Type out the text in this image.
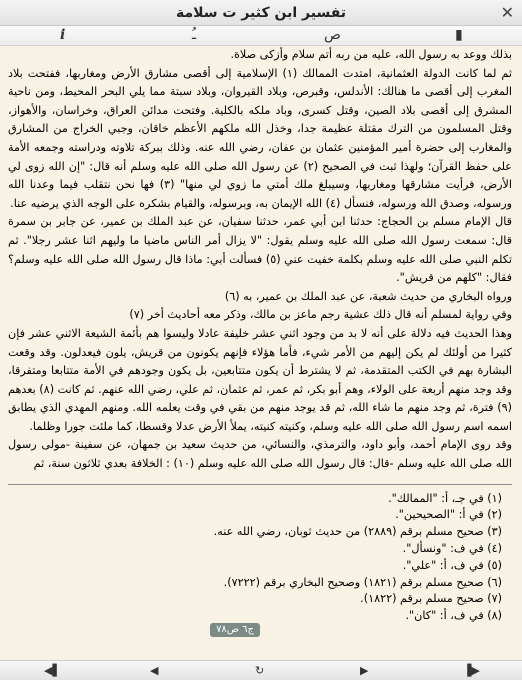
تفسير ابن كثير ت سلامة	✕
i	ـُ	ص	▮

بذلك ووعد به رسول الله، عليه من ربه أتم سلام وأزكى صلاة.

ثم لما كانت الدولة العثمانية، امتدت الممالك (١) الإسلامية إلى أقصى مشارق الأرض ومغاربها، ففتحت بلاد المغرب إلى أقصى ما هنالك: الأندلس، وقبرص، وبلاد القيروان، وبلاد سبتة مما يلي البحر المحيط، ومن ناحية المشرق إلى أقصى بلاد الصين، وقتل كسرى، وباد ملكه بالكلية. وفتحت مدائن العراق، وخراسان، والأهواز، وقتل المسلمون من الترك مقتلة عظيمة جدا، وخذل الله ملكهم الأعظم خاقان، وجبي الخراج من المشارق والمغارب إلى حضرة أمير المؤمنين عثمان بن عفان، رضي الله عنه. وذلك ببركة تلاوته ودراسته وجمعه الأمة على حفظ القرآن؛ ولهذا ثبت في الصحيح (٢) عن رسول الله صلى الله عليه وسلم أنه قال: "إن الله زوى لي الأرض، فرأيت مشارقها ومغاربها، وسيبلغ ملك أمتي ما زوي لي منها" (٣) فها نحن نتقلب فيما وعدنا الله ورسوله، وصدق الله ورسوله، فنسأل (٤) الله الإيمان به، وبرسوله، والقيام بشكره على الوجه الذي يرضيه عنا.

قال الإمام مسلم بن الحجاج: حدثنا ابن أبي عمر، حدثنا سفيان، عن عبد الملك بن عمير، عن جابر بن سمرة قال: سمعت رسول الله صلى الله عليه وسلم يقول: "لا يزال أمر الناس ماضيا ما وليهم اثنا عشر رجلا". ثم تكلم النبي صلى الله عليه وسلم بكلمة خفيت عني (٥) فسألت أبي: ماذا قال رسول الله صلى الله عليه وسلم؟ فقال: "كلهم من قريش".

ورواه البخاري من حديث شعبة، عن عبد الملك بن عمير، به (٦)

وفي رواية لمسلم أنه قال ذلك عشية رجم ماعز بن مالك، وذكر معه أحاديث أخر (٧)

وهذا الحديث فيه دلالة على أنه لا بد من وجود اثني عشر خليفة عادلا وليسوا هم بأئمة الشيعة الاثني عشر فإن كثيرا من أولئك لم يكن إليهم من الأمر شيء، فأما هؤلاء فإنهم يكونون من قريش، يلون فيعدلون. وقد وقعت البشارة بهم في الكتب المتقدمة، ثم لا يشترط أن يكون متتابعين، بل يكون وجودهم في الأمة متتابعا ومتفرقا، وقد وجد منهم أربعة على الولاء، وهم أبو بكر، ثم عمر، ثم عثمان، ثم علي، رضي الله عنهم. ثم كانت (٨) بعدهم (٩) فترة، ثم وجد منهم ما شاء الله، ثم قد يوجد منهم من بقي في وقت يعلمه الله. ومنهم المهدي الذي يطابق اسمه اسم رسول الله صلى الله عليه وسلم، وكنيته كنيته، يملأ الأرض عدلا وقسطا، كما ملئت جورا وظلما.

وقد روى الإمام أحمد، وأبو داود، والترمذي، والنسائي، من حديث سعيد بن جمهان، عن سفينة -مولى رسول الله صلى الله عليه وسلم -قال: قال رسول الله صلى الله عليه وسلم (١٠) : الخلافة بعدي ثلاثون سنة، ثم

(١) في جـ، أ: "الممالك".
(٢) في أ: "الصحيحين".
(٣) صحيح مسلم برقم (٢٨٨٩) من حديث ثوبان، رضي الله عنه.
(٤) في ف: "ونسأل".
(٥) في ف، أ: "علي".
(٦) صحيح مسلم برقم (١٨٢١) وصحيح البخاري برقم (٧٢٢٢).
(٧) صحيح مسلم برقم (١٨٢٢).
(٨) في ف، أ: "كان".
ج٦ ص٧٨
◀︎▌	◀︎	↻	▶︎	▐▶︎
